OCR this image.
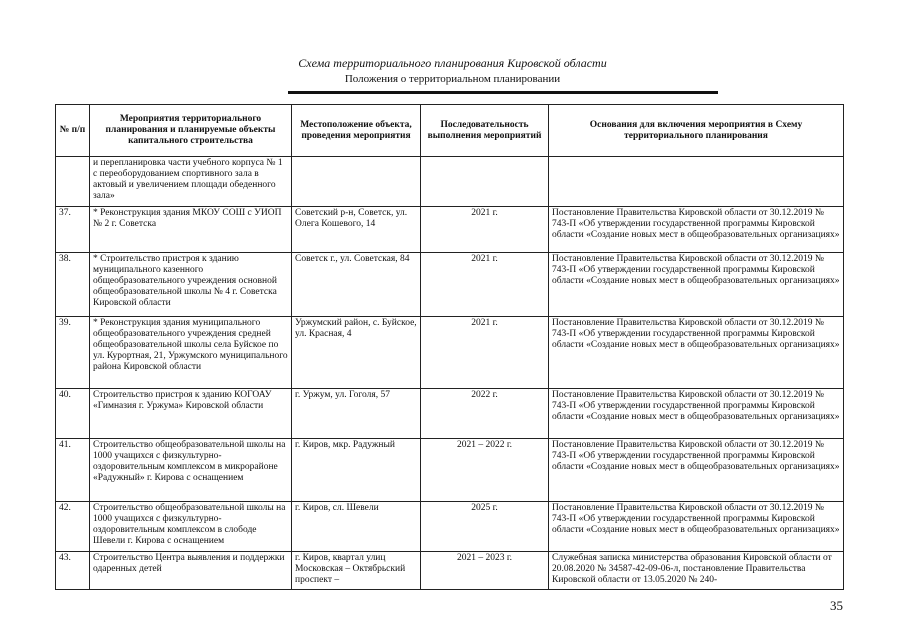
Схема территориального планирования Кировской области
Положения о территориальном планировании
№ п/п	Мероприятия территориального планирования и планируемые объекты капитального строительства	Местоположение объекта, проведения мероприятия	Последовательность выполнения мероприятий	Основания для включения мероприятия в Схему территориального планирования
	и перепланировка части учебного корпуса № 1 с переоборудованием спортивного зала в актовый и увеличением площади обеденного зала»			
37.	* Реконструкция здания МКОУ СОШ с УИОП № 2 г. Советска	Советский р-н, Советск, ул. Олега Кошевого, 14	2021 г.	Постановление Правительства Кировской области от 30.12.2019 № 743-П «Об утверждении государственной программы Кировской области «Создание новых мест в общеобразовательных организациях»
38.	* Строительство пристроя к зданию муниципального казенного общеобразовательного учреждения основной общеобразовательной школы № 4 г. Советска Кировской области	Советск г., ул. Советская, 84	2021 г.	Постановление Правительства Кировской области от 30.12.2019 № 743-П «Об утверждении государственной программы Кировской области «Создание новых мест в общеобразовательных организациях»
39.	* Реконструкция здания муниципального общеобразовательного учреждения средней общеобразовательной школы села Буйское по ул. Курортная, 21, Уржумского муниципального района Кировской области	Уржумский район, с. Буйское, ул. Красная, 4	2021 г.	Постановление Правительства Кировской области от 30.12.2019 № 743-П «Об утверждении государственной программы Кировской области «Создание новых мест в общеобразовательных организациях»
40.	Строительство пристроя к зданию КОГОАУ «Гимназия г. Уржума» Кировской области	г. Уржум, ул. Гоголя, 57	2022 г.	Постановление Правительства Кировской области от 30.12.2019 № 743-П «Об утверждении государственной программы Кировской области «Создание новых мест в общеобразовательных организациях»
41.	Строительство общеобразовательной школы на 1000 учащихся с физкультурно-оздоровительным комплексом в микрорайоне «Радужный» г. Кирова с оснащением	г. Киров, мкр. Радужный	2021 – 2022 г.	Постановление Правительства Кировской области от 30.12.2019 № 743-П «Об утверждении государственной программы Кировской области «Создание новых мест в общеобразовательных организациях»
42.	Строительство общеобразовательной школы на 1000 учащихся с физкультурно-оздоровительным комплексом в слободе Шевели г. Кирова с оснащением	г. Киров, сл. Шевели	2025 г.	Постановление Правительства Кировской области от 30.12.2019 № 743-П «Об утверждении государственной программы Кировской области «Создание новых мест в общеобразовательных организациях»
43.	Строительство Центра выявления и поддержки одаренных детей	г. Киров, квартал улиц Московская – Октябрьский проспект –	2021 – 2023 г.	Служебная записка министерства образования Кировской области от 20.08.2020 № 34587-42-09-06-л, постановление Правительства Кировской области от 13.05.2020 № 240-
35
